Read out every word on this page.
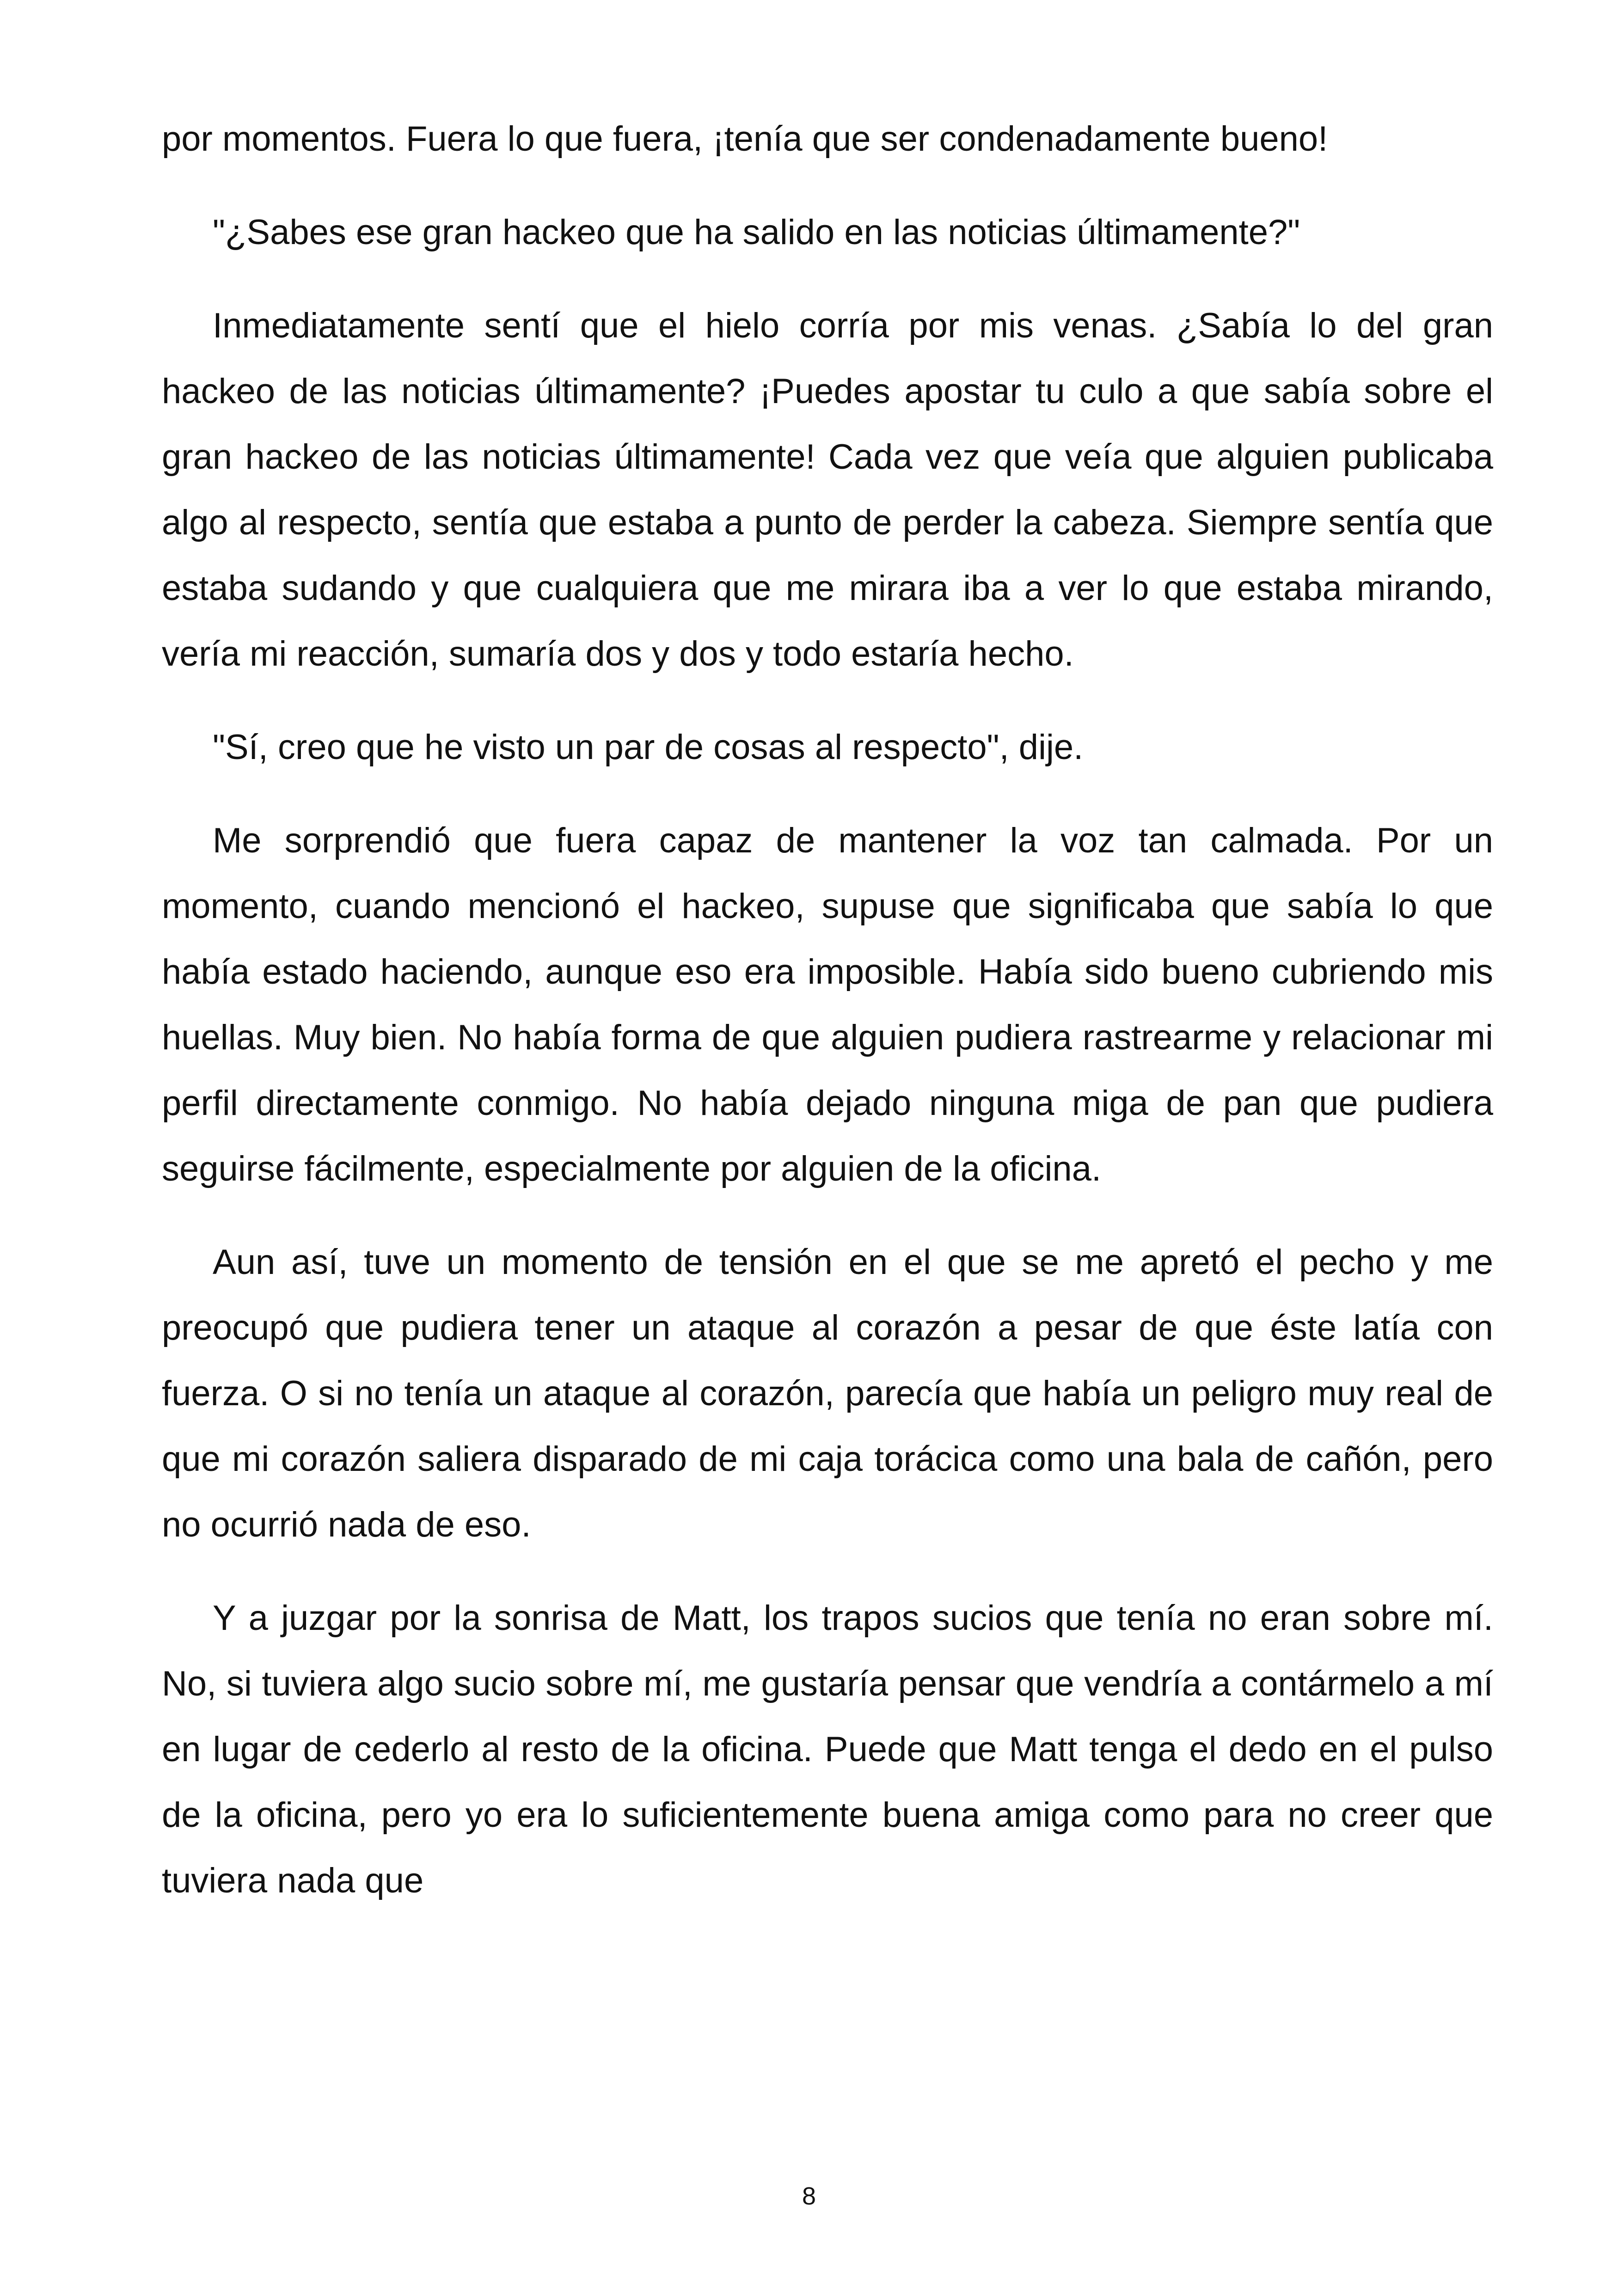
por momentos. Fuera lo que fuera, ¡tenía que ser condenadamente bueno!

"¿Sabes ese gran hackeo que ha salido en las noticias últimamente?"

Inmediatamente sentí que el hielo corría por mis venas. ¿Sabía lo del gran hackeo de las noticias últimamente? ¡Puedes apostar tu culo a que sabía sobre el gran hackeo de las noticias últimamente! Cada vez que veía que alguien publicaba algo al respecto, sentía que estaba a punto de perder la cabeza. Siempre sentía que estaba sudando y que cualquiera que me mirara iba a ver lo que estaba mirando, vería mi reacción, sumaría dos y dos y todo estaría hecho.

"Sí, creo que he visto un par de cosas al respecto", dije.

Me sorprendió que fuera capaz de mantener la voz tan calmada. Por un momento, cuando mencionó el hackeo, supuse que significaba que sabía lo que había estado haciendo, aunque eso era imposible. Había sido bueno cubriendo mis huellas. Muy bien. No había forma de que alguien pudiera rastrearme y relacionar mi perfil directamente conmigo. No había dejado ninguna miga de pan que pudiera seguirse fácilmente, especialmente por alguien de la oficina.

Aun así, tuve un momento de tensión en el que se me apretó el pecho y me preocupó que pudiera tener un ataque al corazón a pesar de que éste latía con fuerza. O si no tenía un ataque al corazón, parecía que había un peligro muy real de que mi corazón saliera disparado de mi caja torácica como una bala de cañón, pero no ocurrió nada de eso.

Y a juzgar por la sonrisa de Matt, los trapos sucios que tenía no eran sobre mí. No, si tuviera algo sucio sobre mí, me gustaría pensar que vendría a contármelo a mí en lugar de cederlo al resto de la oficina. Puede que Matt tenga el dedo en el pulso de la oficina, pero yo era lo suficientemente buena amiga como para no creer que tuviera nada que

8
